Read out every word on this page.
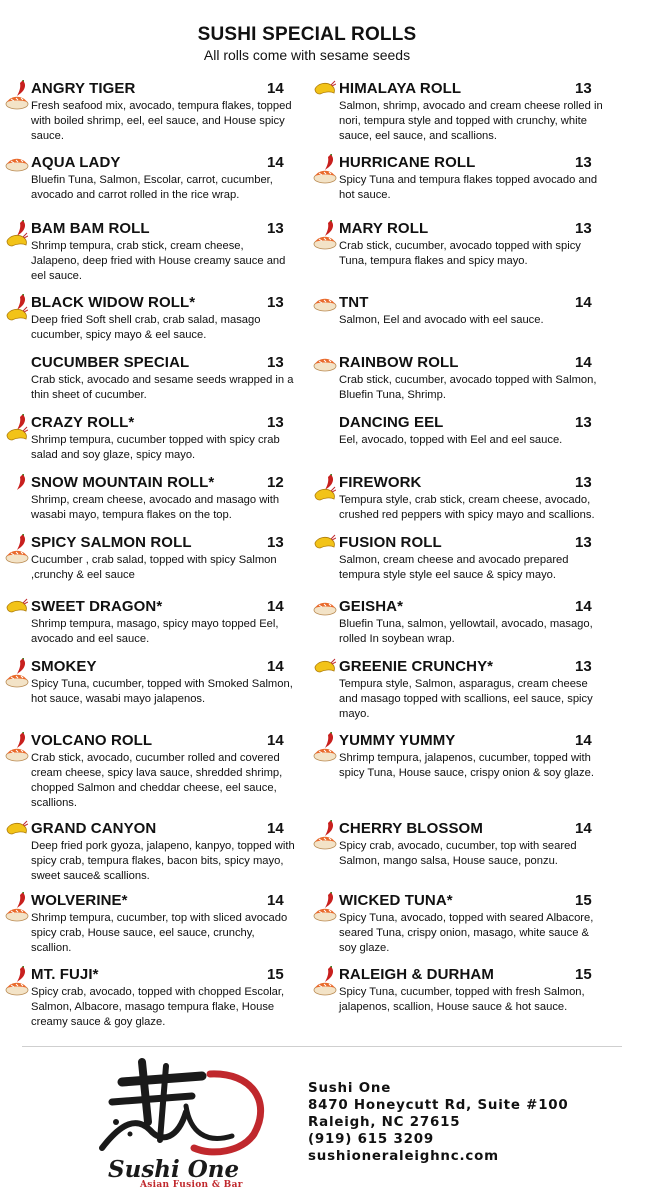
SUSHI SPECIAL ROLLS
All rolls come with sesame seeds
ANGRY TIGER	14
Fresh seafood mix, avocado, tempura flakes, topped with boiled shrimp, eel, eel sauce, and House spicy sauce.
AQUA LADY	14
Bluefin Tuna, Salmon, Escolar, carrot, cucumber, avocado and carrot rolled in the rice wrap.
BAM BAM ROLL	13
Shrimp tempura, crab stick, cream cheese, Jalapeno, deep fried with House creamy sauce and eel sauce.
BLACK WIDOW ROLL*	13
Deep fried Soft shell crab, crab salad, masago cucumber, spicy mayo & eel sauce.
CUCUMBER SPECIAL	13
Crab stick, avocado and sesame seeds wrapped in a thin sheet of cucumber.
CRAZY ROLL*	13
Shrimp tempura, cucumber topped with spicy crab salad and soy glaze, spicy mayo.
SNOW MOUNTAIN ROLL*	12
Shrimp, cream cheese, avocado and masago with wasabi mayo, tempura flakes on the top.
SPICY SALMON ROLL	13
Cucumber , crab salad, topped with spicy Salmon ,crunchy & eel sauce
SWEET DRAGON*	14
Shrimp tempura, masago, spicy mayo topped Eel, avocado and eel sauce.
SMOKEY	14
Spicy Tuna, cucumber, topped with Smoked Salmon, hot sauce, wasabi mayo jalapenos.
VOLCANO ROLL	14
Crab stick, avocado, cucumber rolled and covered cream cheese, spicy lava sauce, shredded shrimp, chopped Salmon and cheddar cheese, eel sauce, scallions.
GRAND CANYON	14
Deep fried pork gyoza, jalapeno, kanpyo, topped with spicy crab, tempura flakes, bacon bits, spicy mayo, sweet sauce& scallions.
WOLVERINE*	14
Shrimp tempura, cucumber, top with sliced avocado spicy crab, House sauce, eel sauce, crunchy, scallion.
MT. FUJI*	15
Spicy crab, avocado, topped with chopped Escolar, Salmon, Albacore, masago tempura flake, House creamy sauce & goy glaze.
HIMALAYA ROLL	13
Salmon, shrimp, avocado and cream cheese rolled in nori, tempura style and topped with crunchy, white sauce, eel sauce, and scallions.
HURRICANE ROLL	13
Spicy Tuna and tempura flakes topped avocado and hot sauce.
MARY ROLL	13
Crab stick, cucumber, avocado topped with spicy Tuna, tempura flakes and spicy mayo.
TNT	14
Salmon, Eel and avocado with eel sauce.
RAINBOW ROLL	14
Crab stick, cucumber, avocado topped with Salmon, Bluefin Tuna, Shrimp.
DANCING EEL	13
Eel, avocado, topped with Eel and eel sauce.
FIREWORK	13
Tempura style, crab stick, cream cheese, avocado, crushed red peppers with spicy mayo and scallions.
FUSION ROLL	13
Salmon, cream cheese and avocado prepared tempura style style eel sauce & spicy mayo.
GEISHA*	14
Bluefin Tuna, salmon, yellowtail, avocado, masago, rolled In soybean wrap.
GREENIE CRUNCHY*	13
Tempura style, Salmon, asparagus, cream cheese and masago topped with scallions, eel sauce, spicy mayo.
YUMMY YUMMY	14
Shrimp tempura, jalapenos, cucumber, topped with spicy Tuna, House sauce, crispy onion & soy glaze.
CHERRY BLOSSOM	14
Spicy crab, avocado, cucumber, top with seared Salmon, mango salsa, House sauce, ponzu.
WICKED TUNA*	15
Spicy Tuna, avocado, topped with seared Albacore, seared Tuna, crispy onion, masago, white sauce & soy glaze.
RALEIGH & DURHAM	15
Spicy Tuna, cucumber, topped with fresh Salmon, jalapenos, scallion, House sauce & hot sauce.
Sushi One
Asian Fusion & Bar
Sushi One
8470 Honeycutt Rd, Suite #100
Raleigh, NC 27615
(919) 615 3209
sushioneraleighnc.com
